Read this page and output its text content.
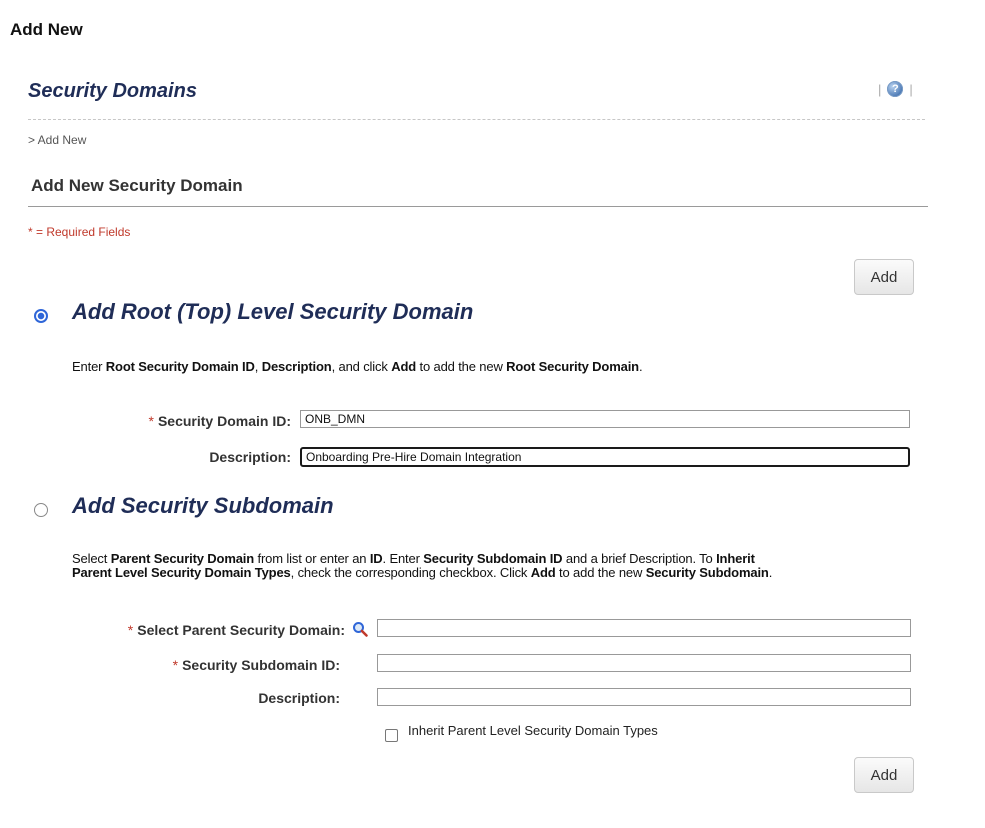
Add New
Security Domains	| ? |
> Add New
Add New Security Domain
* = Required Fields
Add
Add Root (Top) Level Security Domain
Enter Root Security Domain ID, Description, and click Add to add the new Root Security Domain.
* Security Domain ID:
ONB_DMN
Description:
Onboarding Pre-Hire Domain Integration
Add Security Subdomain
Select Parent Security Domain from list or enter an ID. Enter Security Subdomain ID and a brief Description. To Inherit
Parent Level Security Domain Types, check the corresponding checkbox. Click Add to add the new Security Subdomain.
* Select Parent Security Domain:
* Security Subdomain ID:
Description:
Inherit Parent Level Security Domain Types
Add
